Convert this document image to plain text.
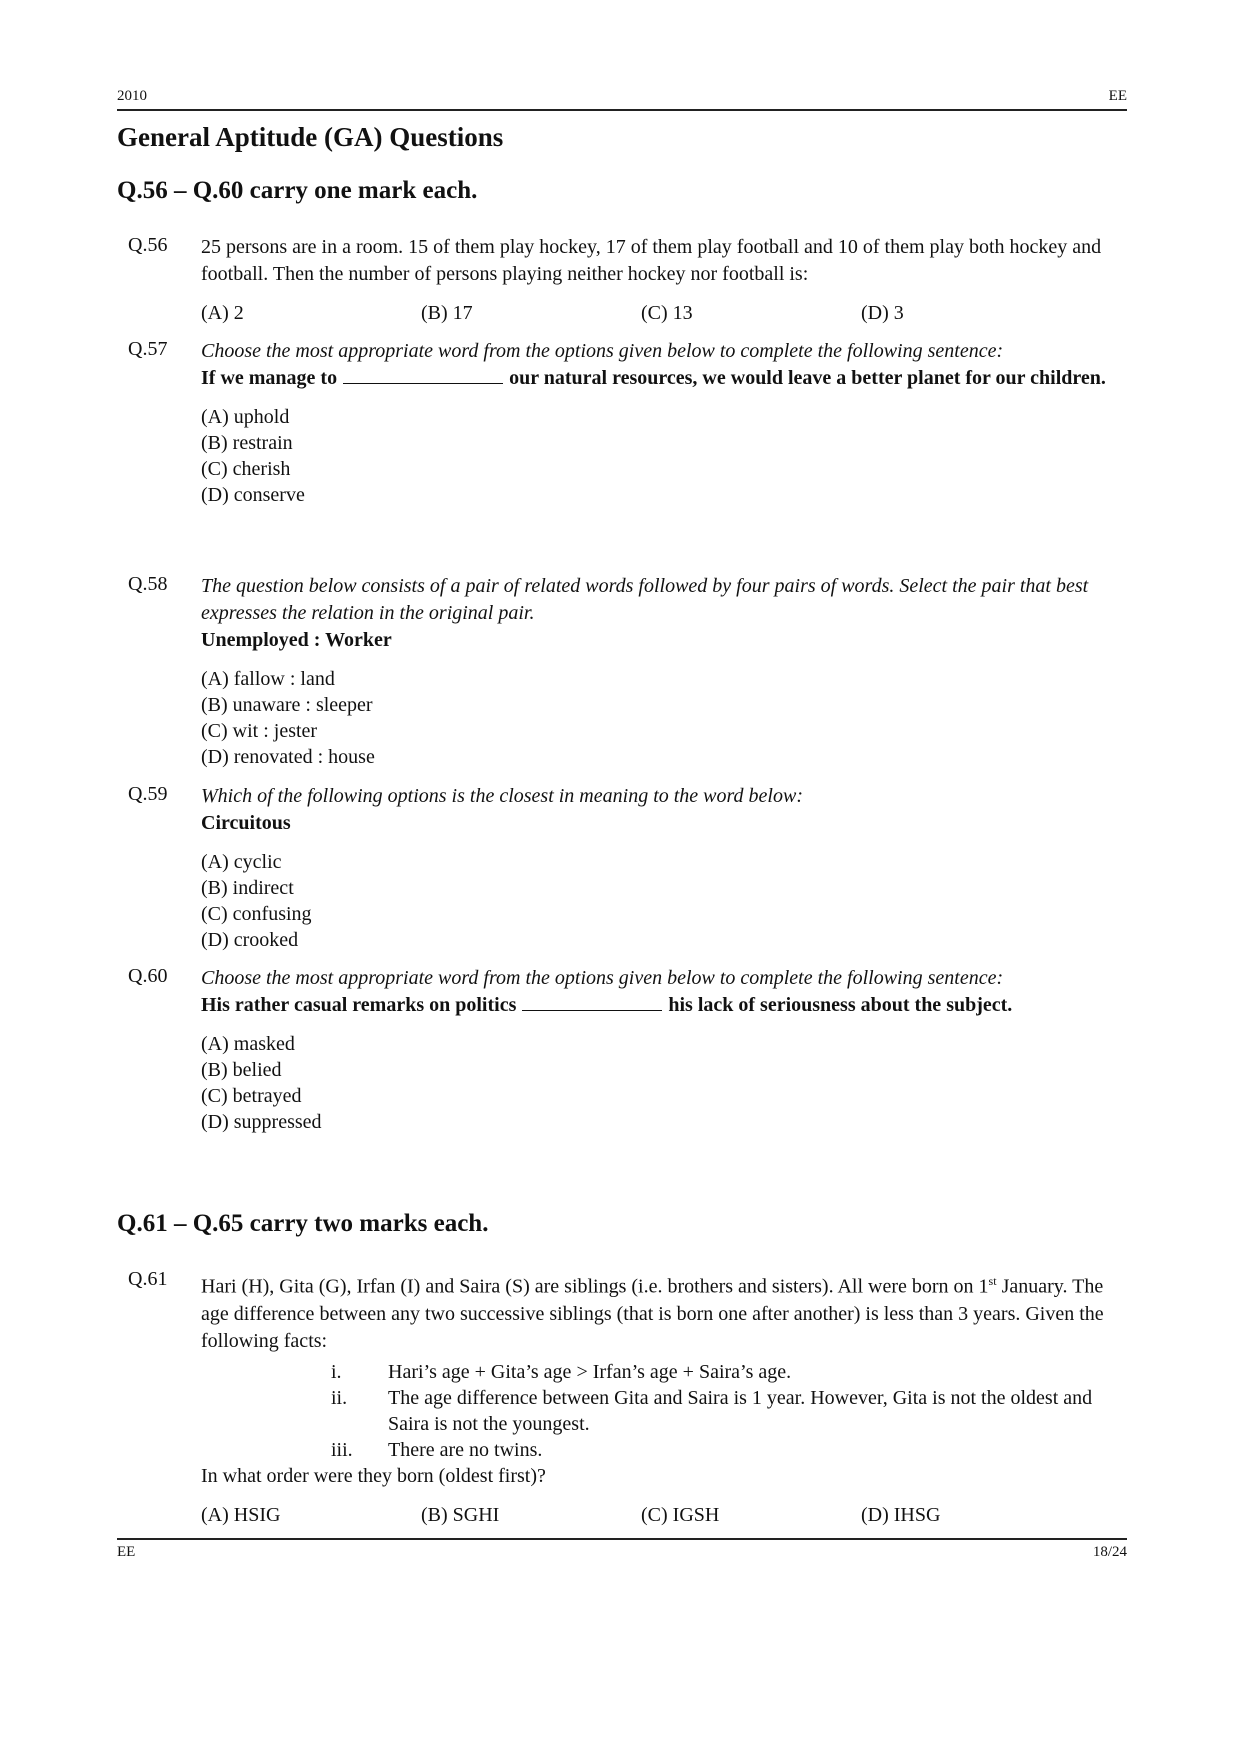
2010	EE
General Aptitude (GA) Questions
Q.56 – Q.60 carry one mark each.
Q.56 25 persons are in a room. 15 of them play hockey, 17 of them play football and 10 of them play both hockey and football. Then the number of persons playing neither hockey nor football is:

(A) 2	(B) 17	(C) 13	(D) 3
Q.57 Choose the most appropriate word from the options given below to complete the following sentence:

If we manage to	our natural resources, we would leave a better planet for our children.

(A) uphold
(B) restrain
(C) cherish
(D) conserve
Q.58 The question below consists of a pair of related words followed by four pairs of words. Select the pair that best expresses the relation in the original pair.

Unemployed : Worker

(A) fallow : land
(B) unaware : sleeper
(C) wit : jester
(D) renovated : house
Q.59 Which of the following options is the closest in meaning to the word below:

Circuitous

(A) cyclic
(B) indirect
(C) confusing
(D) crooked
Q.60 Choose the most appropriate word from the options given below to complete the following sentence:

His rather casual remarks on politics	his lack of seriousness about the subject.

(A) masked
(B) belied
(C) betrayed
(D) suppressed
Q.61 – Q.65 carry two marks each.
Q.61 Hari (H), Gita (G), Irfan (I) and Saira (S) are siblings (i.e. brothers and sisters). All were born on 1st January. The age difference between any two successive siblings (that is born one after another) is less than 3 years. Given the following facts:

i. Hari’s age + Gita’s age > Irfan’s age + Saira’s age.
ii. The age difference between Gita and Saira is 1 year. However, Gita is not the oldest and Saira is not the youngest.
iii. There are no twins.

In what order were they born (oldest first)?

(A) HSIG	(B) SGHI	(C) IGSH	(D) IHSG
EE	18/24
